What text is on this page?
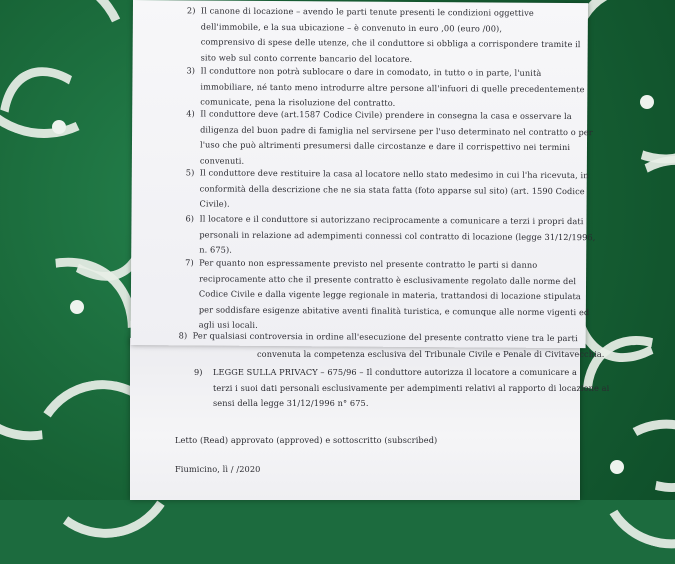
convenuta la competenza esclusiva del Tribunale Civile e Penale di Civitavecchia.
9) LEGGE SULLA PRIVACY – 675/96 – Il conduttore autorizza il locatore a comunicare a
terzi i suoi dati personali esclusivamente per adempimenti relativi al rapporto di locazione ai
sensi della legge 31/12/1996 n° 675.
Letto (Read) approvato (approved) e sottoscritto (subscribed)
Fiumicino, lì / /2020
2) Il canone di locazione – avendo le parti tenute presenti le condizioni oggettive
dell'immobile, e la sua ubicazione – è convenuto in euro ,00 (euro /00),
comprensivo di spese delle utenze, che il conduttore si obbliga a corrispondere tramite il
sito web sul conto corrente bancario del locatore.
3) Il conduttore non potrà sublocare o dare in comodato, in tutto o in parte, l'unità
immobiliare, né tanto meno introdurre altre persone all'infuori di quelle precedentemente
comunicate, pena la risoluzione del contratto.
4) Il conduttore deve (art.1587 Codice Civile) prendere in consegna la casa e osservare la
diligenza del buon padre di famiglia nel servirsene per l'uso determinato nel contratto o per
l'uso che può altrimenti presumersi dalle circostanze e dare il corrispettivo nei termini
convenuti.
5) Il conduttore deve restituire la casa al locatore nello stato medesimo in cui l'ha ricevuta, in
conformità della descrizione che ne sia stata fatta (foto apparse sul sito) (art. 1590 Codice
Civile).
6) Il locatore e il conduttore si autorizzano reciprocamente a comunicare a terzi i propri dati
personali in relazione ad adempimenti connessi col contratto di locazione (legge 31/12/1996,
n. 675).
7) Per quanto non espressamente previsto nel presente contratto le parti si danno
reciprocamente atto che il presente contratto è esclusivamente regolato dalle norme del
Codice Civile e dalla vigente legge regionale in materia, trattandosi di locazione stipulata
per soddisfare esigenze abitative aventi finalità turistica, e comunque alle norme vigenti ed
agli usi locali.
8) Per qualsiasi controversia in ordine all'esecuzione del presente contratto viene tra le parti
